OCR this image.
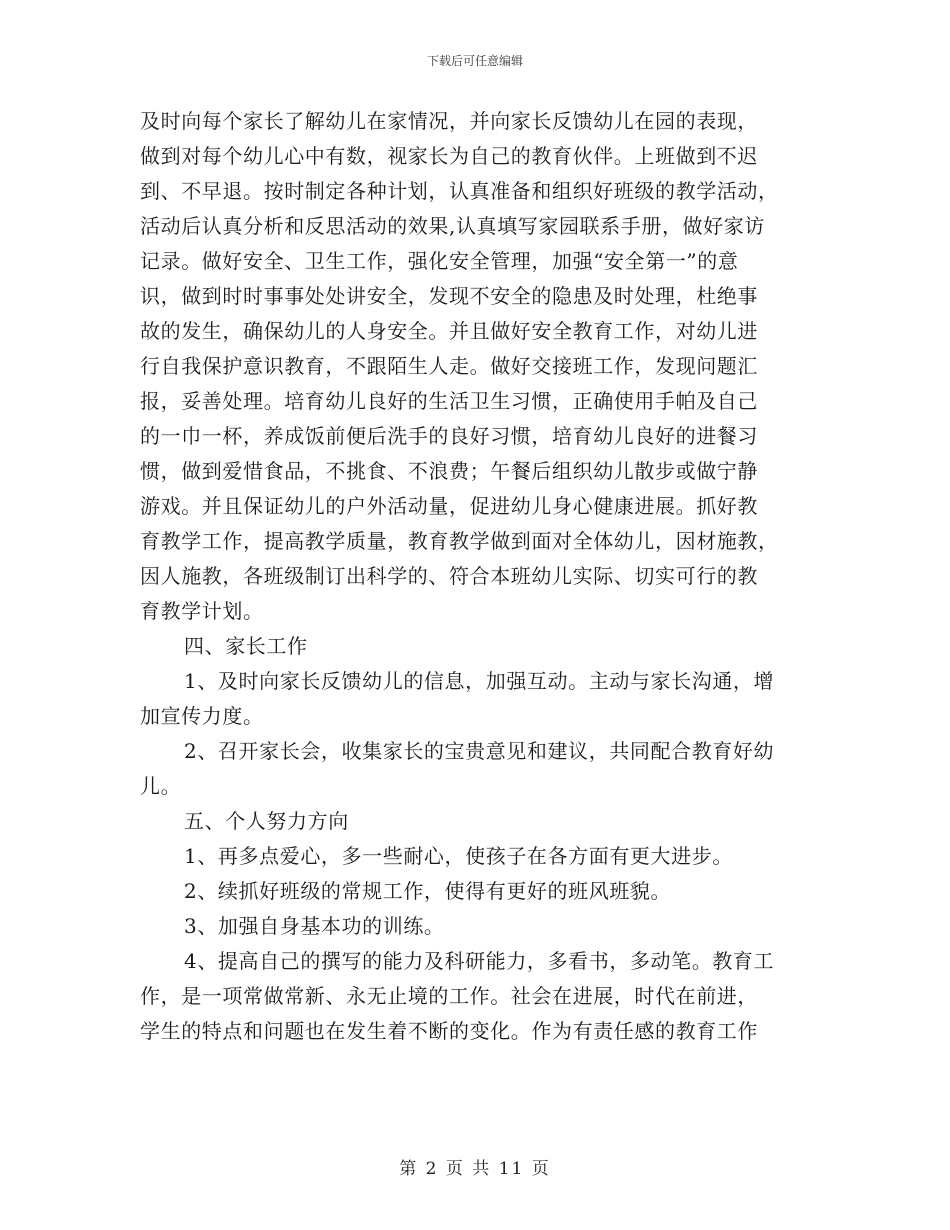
下载后可任意编辑
及时向每个家长了解幼儿在家情况，并向家长反馈幼儿在园的表现，
做到对每个幼儿心中有数，视家长为自己的教育伙伴。上班做到不迟
到、不早退。按时制定各种计划，认真准备和组织好班级的教学活动，
活动后认真分析和反思活动的效果,认真填写家园联系手册，做好家访
记录。做好安全、卫生工作，强化安全管理，加强“安全第一”的意
识，做到时时事事处处讲安全，发现不安全的隐患及时处理，杜绝事
故的发生，确保幼儿的人身安全。并且做好安全教育工作，对幼儿进
行自我保护意识教育，不跟陌生人走。做好交接班工作，发现问题汇
报，妥善处理。培育幼儿良好的生活卫生习惯，正确使用手帕及自己
的一巾一杯，养成饭前便后洗手的良好习惯，培育幼儿良好的进餐习
惯，做到爱惜食品，不挑食、不浪费；午餐后组织幼儿散步或做宁静
游戏。并且保证幼儿的户外活动量，促进幼儿身心健康进展。抓好教
育教学工作，提高教学质量，教育教学做到面对全体幼儿，因材施教，
因人施教，各班级制订出科学的、符合本班幼儿实际、切实可行的教
育教学计划。
四、家长工作
1、及时向家长反馈幼儿的信息，加强互动。主动与家长沟通，增
加宣传力度。
2、召开家长会，收集家长的宝贵意见和建议，共同配合教育好幼
儿。
五、个人努力方向
1、再多点爱心，多一些耐心，使孩子在各方面有更大进步。
2、续抓好班级的常规工作，使得有更好的班风班貌。
3、加强自身基本功的训练。
4、提高自己的撰写的能力及科研能力，多看书，多动笔。教育工
作，是一项常做常新、永无止境的工作。社会在进展，时代在前进，
学生的特点和问题也在发生着不断的变化。作为有责任感的教育工作
第 2 页 共 11 页
